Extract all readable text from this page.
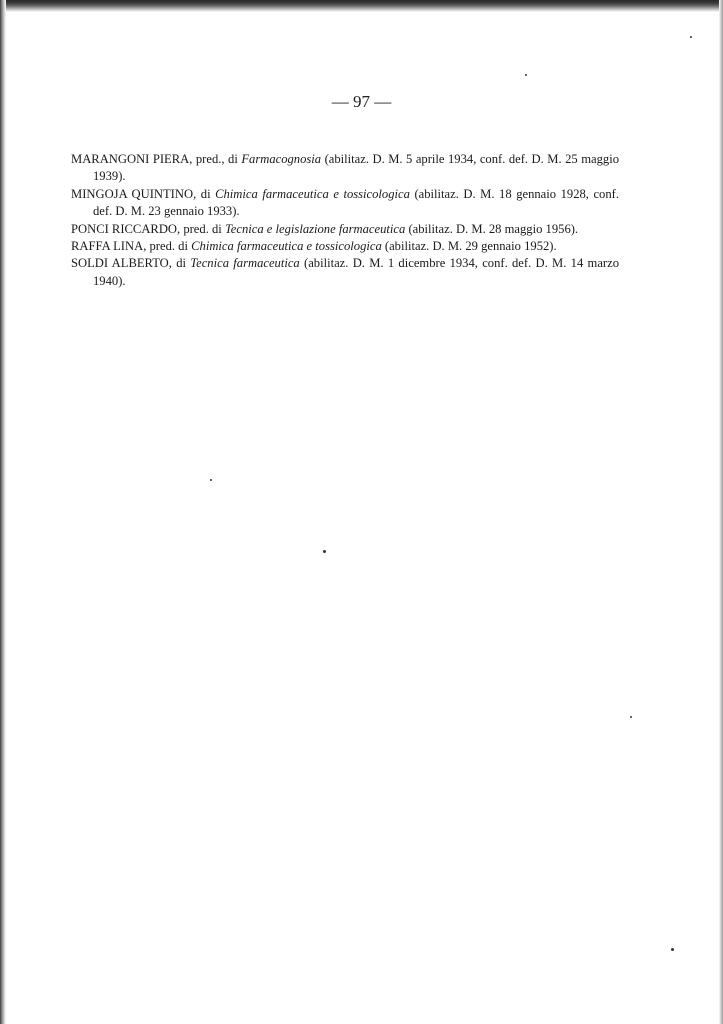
— 97 —
MARANGONI PIERA, pred., di Farmacognosia (abilitaz. D. M. 5 aprile 1934, conf. def. D. M. 25 maggio 1939).
MINGOJA QUINTINO, di Chimica farmaceutica e tossicologica (abilitaz. D. M. 18 gennaio 1928, conf. def. D. M. 23 gennaio 1933).
PONCI RICCARDO, pred. di Tecnica e legislazione farmaceutica (abilitaz. D. M. 28 maggio 1956).
RAFFA LINA, pred. di Chimica farmaceutica e tossicologica (abilitaz. D. M. 29 gennaio 1952).
SOLDI ALBERTO, di Tecnica farmaceutica (abilitaz. D. M. 1 dicembre 1934, conf. def. D. M. 14 marzo 1940).
